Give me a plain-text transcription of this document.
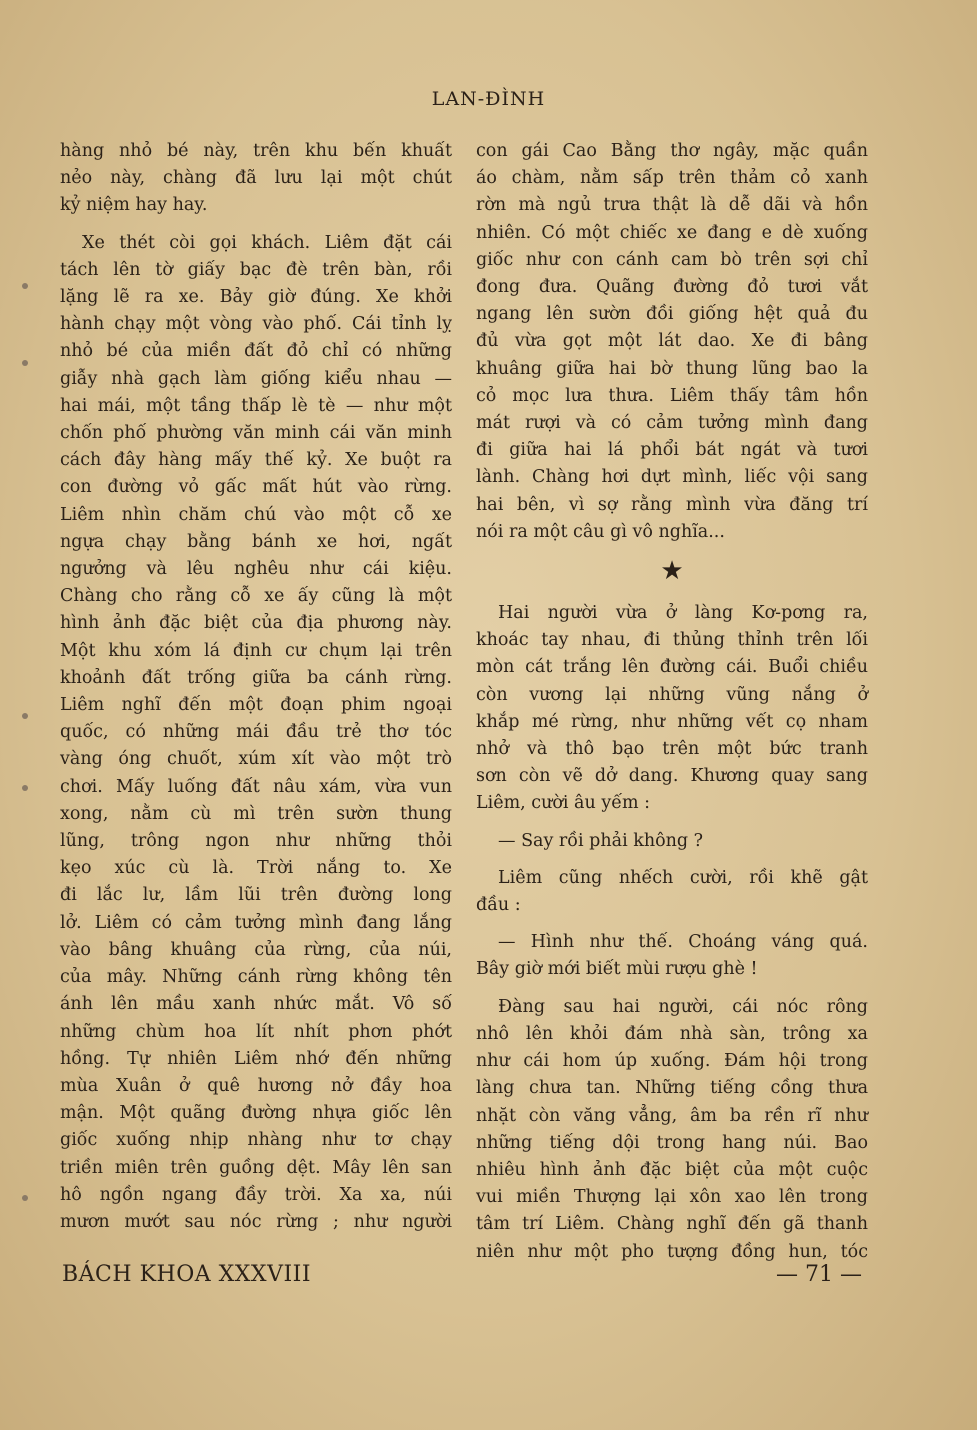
LAN-ĐÌNH

hàng nhỏ bé này, trên khu bến khuất

nẻo này, chàng đã lưu lại một chút

kỷ niệm hay hay.

Xe thét còi gọi khách. Liêm đặt cái

tách lên tờ giấy bạc đè trên bàn, rồi

lặng lẽ ra xe. Bảy giờ đúng. Xe khởi

hành chạy một vòng vào phố. Cái tỉnh lỵ

nhỏ bé của miền đất đỏ chỉ có những

giẫy nhà gạch làm giống kiểu nhau —

hai mái, một tầng thấp lè tè — như một

chốn phố phường văn minh cái văn minh

cách đây hàng mấy thế kỷ. Xe buột ra

con đường vỏ gấc mất hút vào rừng.

Liêm nhìn chăm chú vào một cỗ xe

ngựa chạy bằng bánh xe hơi, ngất

ngưởng và lêu nghêu như cái kiệu.

Chàng cho rằng cỗ xe ấy cũng là một

hình ảnh đặc biệt của địa phương này.

Một khu xóm lá định cư chụm lại trên

khoảnh đất trống giữa ba cánh rừng.

Liêm nghĩ đến một đoạn phim ngoại

quốc, có những mái đầu trẻ thơ tóc

vàng óng chuốt, xúm xít vào một trò

chơi. Mấy luống đất nâu xám, vừa vun

xong, nằm cù mì trên sườn thung

lũng, trông ngon như những thỏi

kẹo xúc cù là. Trời nắng to. Xe

đi lắc lư, lầm lũi trên đường long

lở. Liêm có cảm tưởng mình đang lắng

vào bâng khuâng của rừng, của núi,

của mây. Những cánh rừng không tên

ánh lên mầu xanh nhức mắt. Vô số

những chùm hoa lít nhít phơn phớt

hồng. Tự nhiên Liêm nhớ đến những

mùa Xuân ở quê hương nở đầy hoa

mận. Một quãng đường nhựa giốc lên

giốc xuống nhịp nhàng như tơ chạy

triền miên trên guồng dệt. Mây lên san

hô ngồn ngang đầy trời. Xa xa, núi

mươn mướt sau nóc rừng ; như người

con gái Cao Bằng thơ ngây, mặc quần

áo chàm, nằm sấp trên thảm cỏ xanh

rờn mà ngủ trưa thật là dễ dãi và hồn

nhiên. Có một chiếc xe đang e dè xuống

giốc như con cánh cam bò trên sợi chỉ

đong đưa. Quãng đường đỏ tươi vắt

ngang lên sườn đồi giống hệt quả đu

đủ vừa gọt một lát dao. Xe đi bâng

khuâng giữa hai bờ thung lũng bao la

cỏ mọc lưa thưa. Liêm thấy tâm hồn

mát rượi và có cảm tưởng mình đang

đi giữa hai lá phổi bát ngát và tươi

lành. Chàng hơi dựt mình, liếc vội sang

hai bên, vì sợ rằng mình vừa đăng trí

nói ra một câu gì vô nghĩa...

★

Hai người vừa ở làng Kơ-pơng ra,

khoác tay nhau, đi thủng thỉnh trên lối

mòn cát trắng lên đường cái. Buổi chiều

còn vương lại những vũng nắng ở

khắp mé rừng, như những vết cọ nham

nhở và thô bạo trên một bức tranh

sơn còn vẽ dở dang. Khương quay sang

Liêm, cười âu yếm :

— Say rồi phải không ?

Liêm cũng nhếch cười, rồi khẽ gật

đầu :

— Hình như thế. Choáng váng quá.

Bây giờ mới biết mùi rượu ghè !

Đàng sau hai người, cái nóc rông

nhô lên khỏi đám nhà sàn, trông xa

như cái hom úp xuống. Đám hội trong

làng chưa tan. Những tiếng cồng thưa

nhặt còn văng vẳng, âm ba rền rĩ như

những tiếng dội trong hang núi. Bao

nhiêu hình ảnh đặc biệt của một cuộc

vui miền Thượng lại xôn xao lên trong

tâm trí Liêm. Chàng nghĩ đến gã thanh

niên như một pho tượng đồng hun, tóc

BÁCH KHOA XXXVIII	— 71 —
